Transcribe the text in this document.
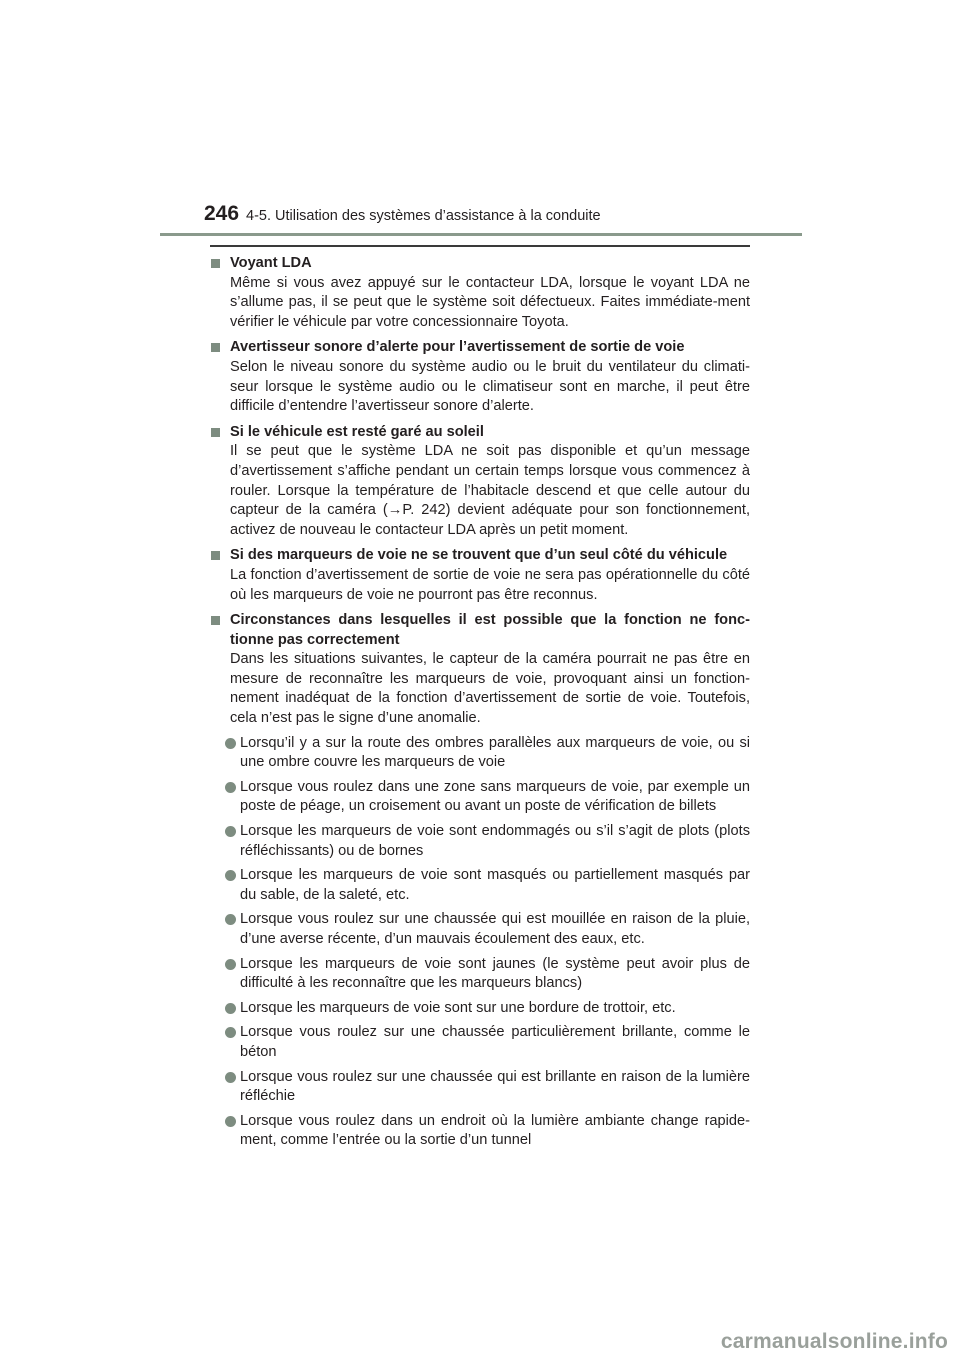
246 4-5. Utilisation des systèmes d’assistance à la conduite
Voyant LDA

Même si vous avez appuyé sur le contacteur LDA, lorsque le voyant LDA ne s’allume pas, il se peut que le système soit défectueux. Faites immédiate-ment vérifier le véhicule par votre concessionnaire Toyota.

Avertisseur sonore d’alerte pour l’avertissement de sortie de voie

Selon le niveau sonore du système audio ou le bruit du ventilateur du climati-seur lorsque le système audio ou le climatiseur sont en marche, il peut être difficile d’entendre l’avertisseur sonore d’alerte.

Si le véhicule est resté garé au soleil

Il se peut que le système LDA ne soit pas disponible et qu’un message d’avertissement s’affiche pendant un certain temps lorsque vous commencez à rouler. Lorsque la température de l’habitacle descend et que celle autour du capteur de la caméra (→P. 242) devient adéquate pour son fonctionnement, activez de nouveau le contacteur LDA après un petit moment.

Si des marqueurs de voie ne se trouvent que d’un seul côté du véhicule

La fonction d’avertissement de sortie de voie ne sera pas opérationnelle du côté où les marqueurs de voie ne pourront pas être reconnus.

Circonstances dans lesquelles il est possible que la fonction ne fonc-tionne pas correctement

Dans les situations suivantes, le capteur de la caméra pourrait ne pas être en mesure de reconnaître les marqueurs de voie, provoquant ainsi un fonction-nement inadéquat de la fonction d’avertissement de sortie de voie. Toutefois, cela n’est pas le signe d’une anomalie.

Lorsqu’il y a sur la route des ombres parallèles aux marqueurs de voie, ou si une ombre couvre les marqueurs de voie
Lorsque vous roulez dans une zone sans marqueurs de voie, par exemple un poste de péage, un croisement ou avant un poste de vérification de billets
Lorsque les marqueurs de voie sont endommagés ou s’il s’agit de plots (plots réfléchissants) ou de bornes
Lorsque les marqueurs de voie sont masqués ou partiellement masqués par du sable, de la saleté, etc.
Lorsque vous roulez sur une chaussée qui est mouillée en raison de la pluie, d’une averse récente, d’un mauvais écoulement des eaux, etc.
Lorsque les marqueurs de voie sont jaunes (le système peut avoir plus de difficulté à les reconnaître que les marqueurs blancs)
Lorsque les marqueurs de voie sont sur une bordure de trottoir, etc.
Lorsque vous roulez sur une chaussée particulièrement brillante, comme le béton
Lorsque vous roulez sur une chaussée qui est brillante en raison de la lumière réfléchie
Lorsque vous roulez dans un endroit où la lumière ambiante change rapide-ment, comme l’entrée ou la sortie d’un tunnel
carmanualsonline.info
